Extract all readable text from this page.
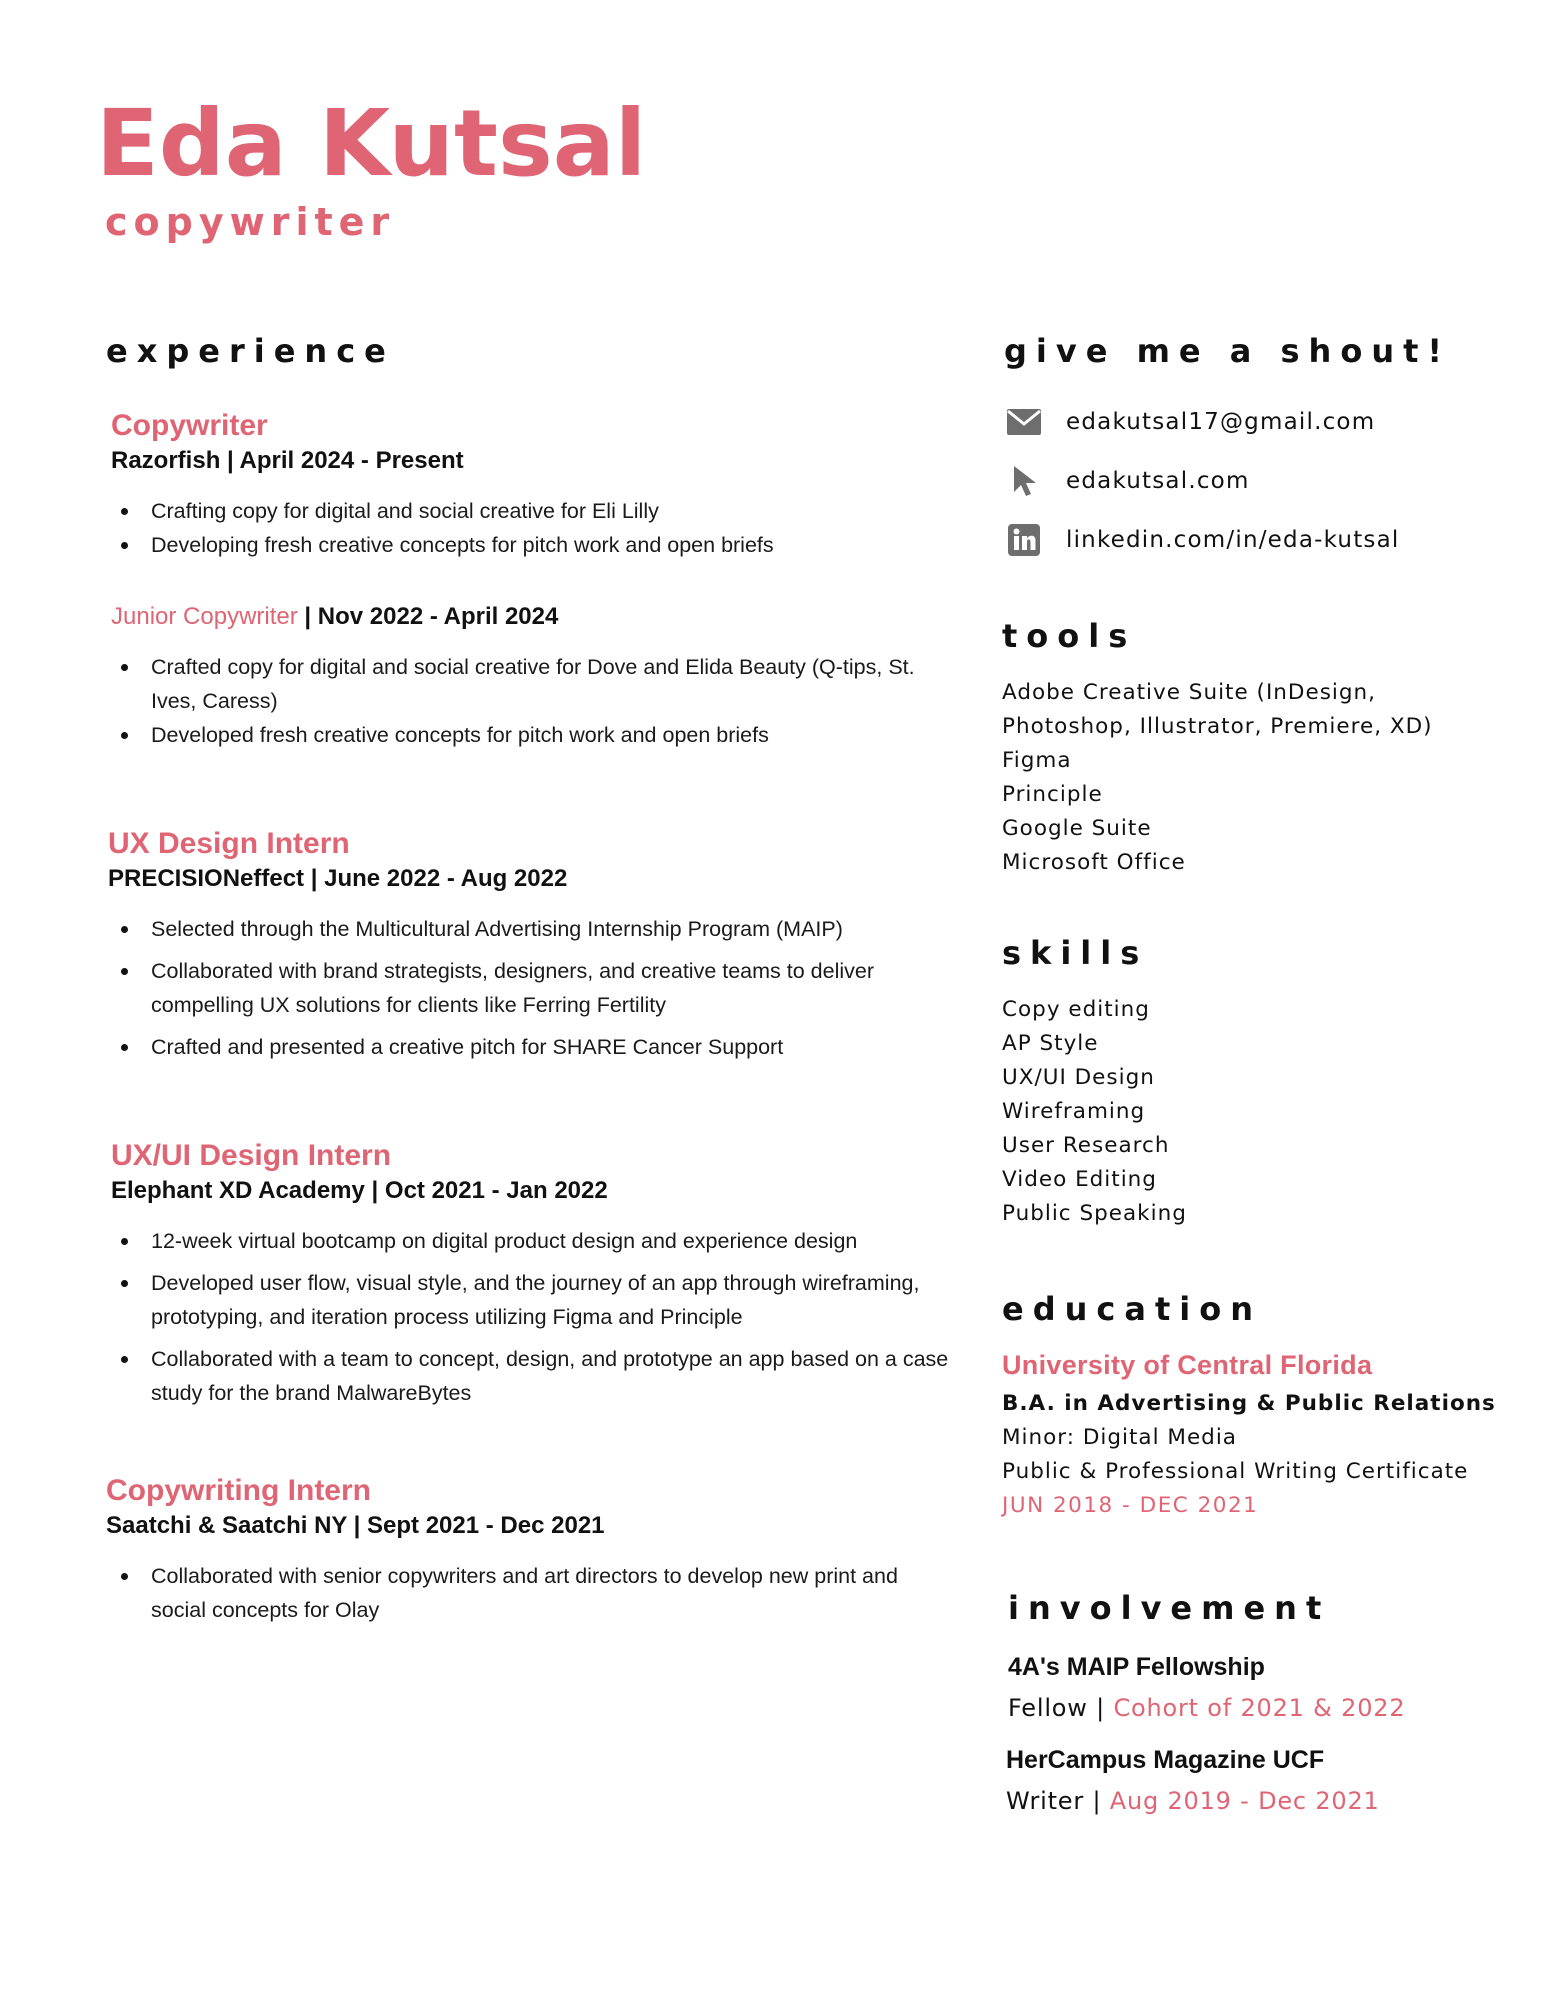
Eda Kutsal

copywriter

experience

Copywriter

Razorfish | April 2024 - Present

Crafting copy for digital and social creative for Eli Lilly
Developing fresh creative concepts for pitch work and open briefs

Junior Copywriter | Nov 2022 - April 2024

Crafted copy for digital and social creative for Dove and Elida Beauty (Q-tips, St. Ives, Caress)
Developed fresh creative concepts for pitch work and open briefs

UX Design Intern

PRECISIONeffect | June 2022 - Aug 2022

Selected through the Multicultural Advertising Internship Program (MAIP)
Collaborated with brand strategists, designers, and creative teams to deliver compelling UX solutions for clients like Ferring Fertility
Crafted and presented a creative pitch for SHARE Cancer Support

UX/UI Design Intern

Elephant XD Academy | Oct 2021 - Jan 2022

12-week virtual bootcamp on digital product design and experience design
Developed user flow, visual style, and the journey of an app through wireframing, prototyping, and iteration process utilizing Figma and Principle
Collaborated with a team to concept, design, and prototype an app based on a case study for the brand MalwareBytes

Copywriting Intern

Saatchi & Saatchi NY | Sept 2021 - Dec 2021

Collaborated with senior copywriters and art directors to develop new print and social concepts for Olay
give me a shout!
edakutsal17@gmail.com
edakutsal.com
linkedin.com/in/eda-kutsal
tools
Adobe Creative Suite (InDesign,
Photoshop, Illustrator, Premiere, XD)
Figma
Principle
Google Suite
Microsoft Office
skills
Copy editing
AP Style
UX/UI Design
Wireframing
User Research
Video Editing
Public Speaking
education

University of Central Florida

B.A. in Advertising & Public Relations

Minor: Digital Media

Public & Professional Writing Certificate

JUN 2018 - DEC 2021

involvement

4A's MAIP Fellowship

Fellow | Cohort of 2021 & 2022

HerCampus Magazine UCF

Writer | Aug 2019 - Dec 2021
